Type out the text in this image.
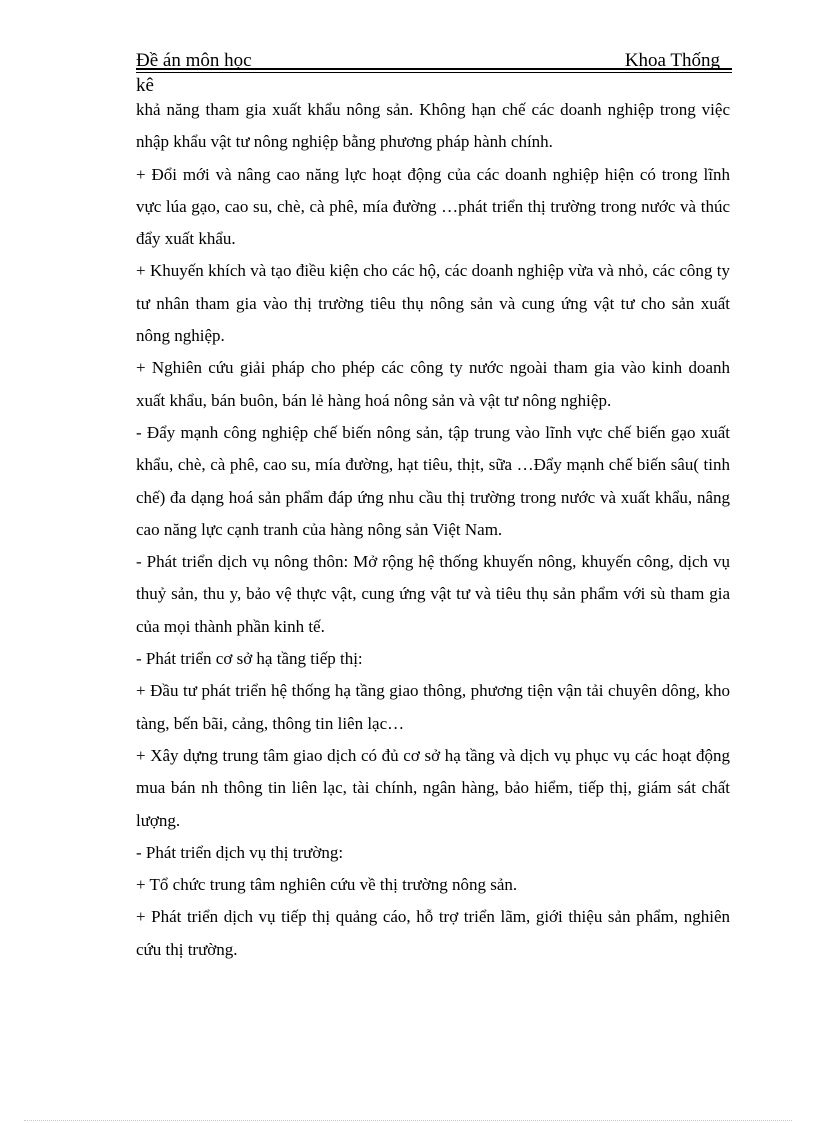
Đề án môn học	Khoa Thống
kê

khả năng tham gia xuất khẩu nông sản. Không hạn chế các doanh nghiệp trong việc nhập khẩu vật tư nông nghiệp bằng phương pháp hành chính.

+ Đổi mới và nâng cao năng lực hoạt động của các doanh nghiệp hiện có trong lĩnh vực lúa gạo, cao su, chè, cà phê, mía đường …phát triển thị trường trong nước và thúc đẩy xuất khẩu.

+ Khuyến khích và tạo điều kiện cho các hộ, các doanh nghiệp vừa và nhỏ, các công ty tư nhân tham gia vào thị trường tiêu thụ nông sản và cung ứng vật tư cho sản xuất nông nghiệp.

+ Nghiên cứu giải pháp cho phép các công ty nước ngoài tham gia vào kinh doanh xuất khẩu, bán buôn, bán lẻ hàng hoá nông sản và vật tư nông nghiệp.

- Đẩy mạnh công nghiệp chế biến nông sản, tập trung vào lĩnh vực chế biến gạo xuất khẩu, chè, cà phê, cao su, mía đường, hạt tiêu, thịt, sữa …Đẩy mạnh chế biến sâu( tinh chế) đa dạng hoá sản phẩm đáp ứng nhu cầu thị trường trong nước và xuất khẩu, nâng cao năng lực cạnh tranh của hàng nông sản Việt Nam.

- Phát triển dịch vụ nông thôn: Mở rộng hệ thống khuyến nông, khuyến công, dịch vụ thuỷ sản, thu y, bảo vệ thực vật, cung ứng vật tư và tiêu thụ sản phẩm với sù tham gia của mọi thành phần kinh tế.

- Phát triển cơ sở hạ tầng tiếp thị:

+ Đầu tư phát triển hệ thống hạ tầng giao thông, phương tiện vận tải chuyên dông, kho tàng, bến bãi, cảng, thông tin liên lạc…

+ Xây dựng trung tâm giao dịch có đủ cơ sở hạ tầng và dịch vụ phục vụ các hoạt động mua bán nh thông tin liên lạc, tài chính, ngân hàng, bảo hiểm, tiếp thị, giám sát chất lượng.

- Phát triển dịch vụ thị trường:

+ Tổ chức trung tâm nghiên cứu về thị trường nông sản.

+ Phát triển dịch vụ tiếp thị quảng cáo, hỗ trợ triển lãm, giới thiệu sản phẩm, nghiên cứu thị trường.
